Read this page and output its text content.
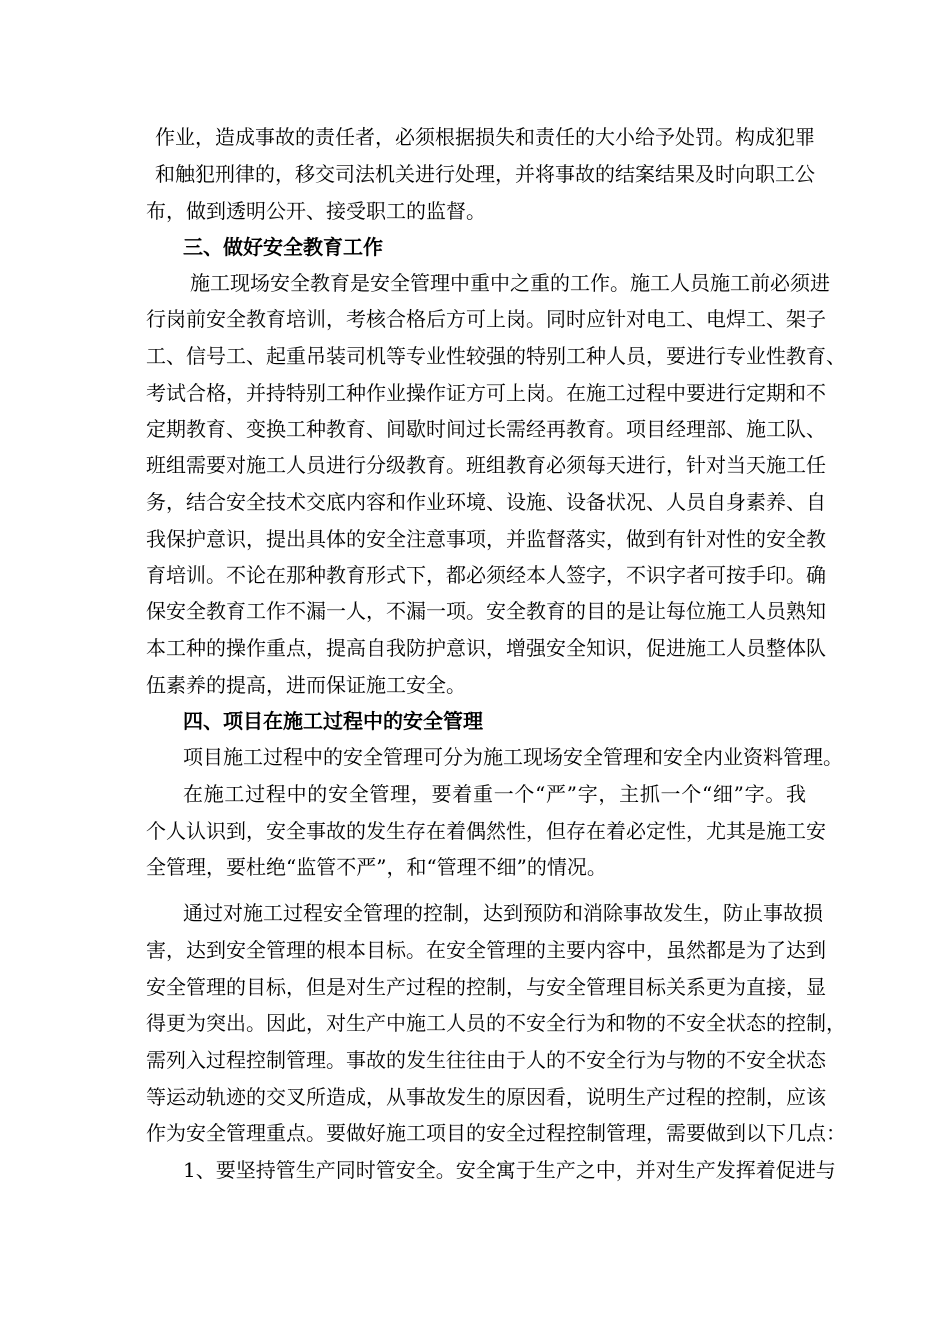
作业，造成事故的责任者，必须根据损失和责任的大小给予处罚。构成犯罪
和触犯刑律的，移交司法机关进行处理，并将事故的结案结果及时向职工公
布，做到透明公开、接受职工的监督。
三、做好安全教育工作
施工现场安全教育是安全管理中重中之重的工作。施工人员施工前必须进
行岗前安全教育培训，考核合格后方可上岗。同时应针对电工、电焊工、架子
工、信号工、起重吊装司机等专业性较强的特别工种人员，要进行专业性教育、
考试合格，并持特别工种作业操作证方可上岗。在施工过程中要进行定期和不
定期教育、变换工种教育、间歇时间过长需经再教育。项目经理部、施工队、
班组需要对施工人员进行分级教育。班组教育必须每天进行，针对当天施工任
务，结合安全技术交底内容和作业环境、设施、设备状况、人员自身素养、自
我保护意识，提出具体的安全注意事项，并监督落实，做到有针对性的安全教
育培训。不论在那种教育形式下，都必须经本人签字，不识字者可按手印。确
保安全教育工作不漏一人，不漏一项。安全教育的目的是让每位施工人员熟知
本工种的操作重点，提高自我防护意识，增强安全知识，促进施工人员整体队
伍素养的提高，进而保证施工安全。
四、项目在施工过程中的安全管理
项目施工过程中的安全管理可分为施工现场安全管理和安全内业资料管理。
在施工过程中的安全管理，要着重一个“严”字，主抓一个“细”字。我
个人认识到，安全事故的发生存在着偶然性，但存在着必定性，尤其是施工安
全管理，要杜绝“监管不严”，和“管理不细”的情况。
通过对施工过程安全管理的控制，达到预防和消除事故发生，防止事故损
害，达到安全管理的根本目标。在安全管理的主要内容中，虽然都是为了达到
安全管理的目标，但是对生产过程的控制，与安全管理目标关系更为直接，显
得更为突出。因此，对生产中施工人员的不安全行为和物的不安全状态的控制，
需列入过程控制管理。事故的发生往往由于人的不安全行为与物的不安全状态
等运动轨迹的交叉所造成，从事故发生的原因看，说明生产过程的控制，应该
作为安全管理重点。要做好施工项目的安全过程控制管理，需要做到以下几点：
1、要坚持管生产同时管安全。安全寓于生产之中，并对生产发挥着促进与
